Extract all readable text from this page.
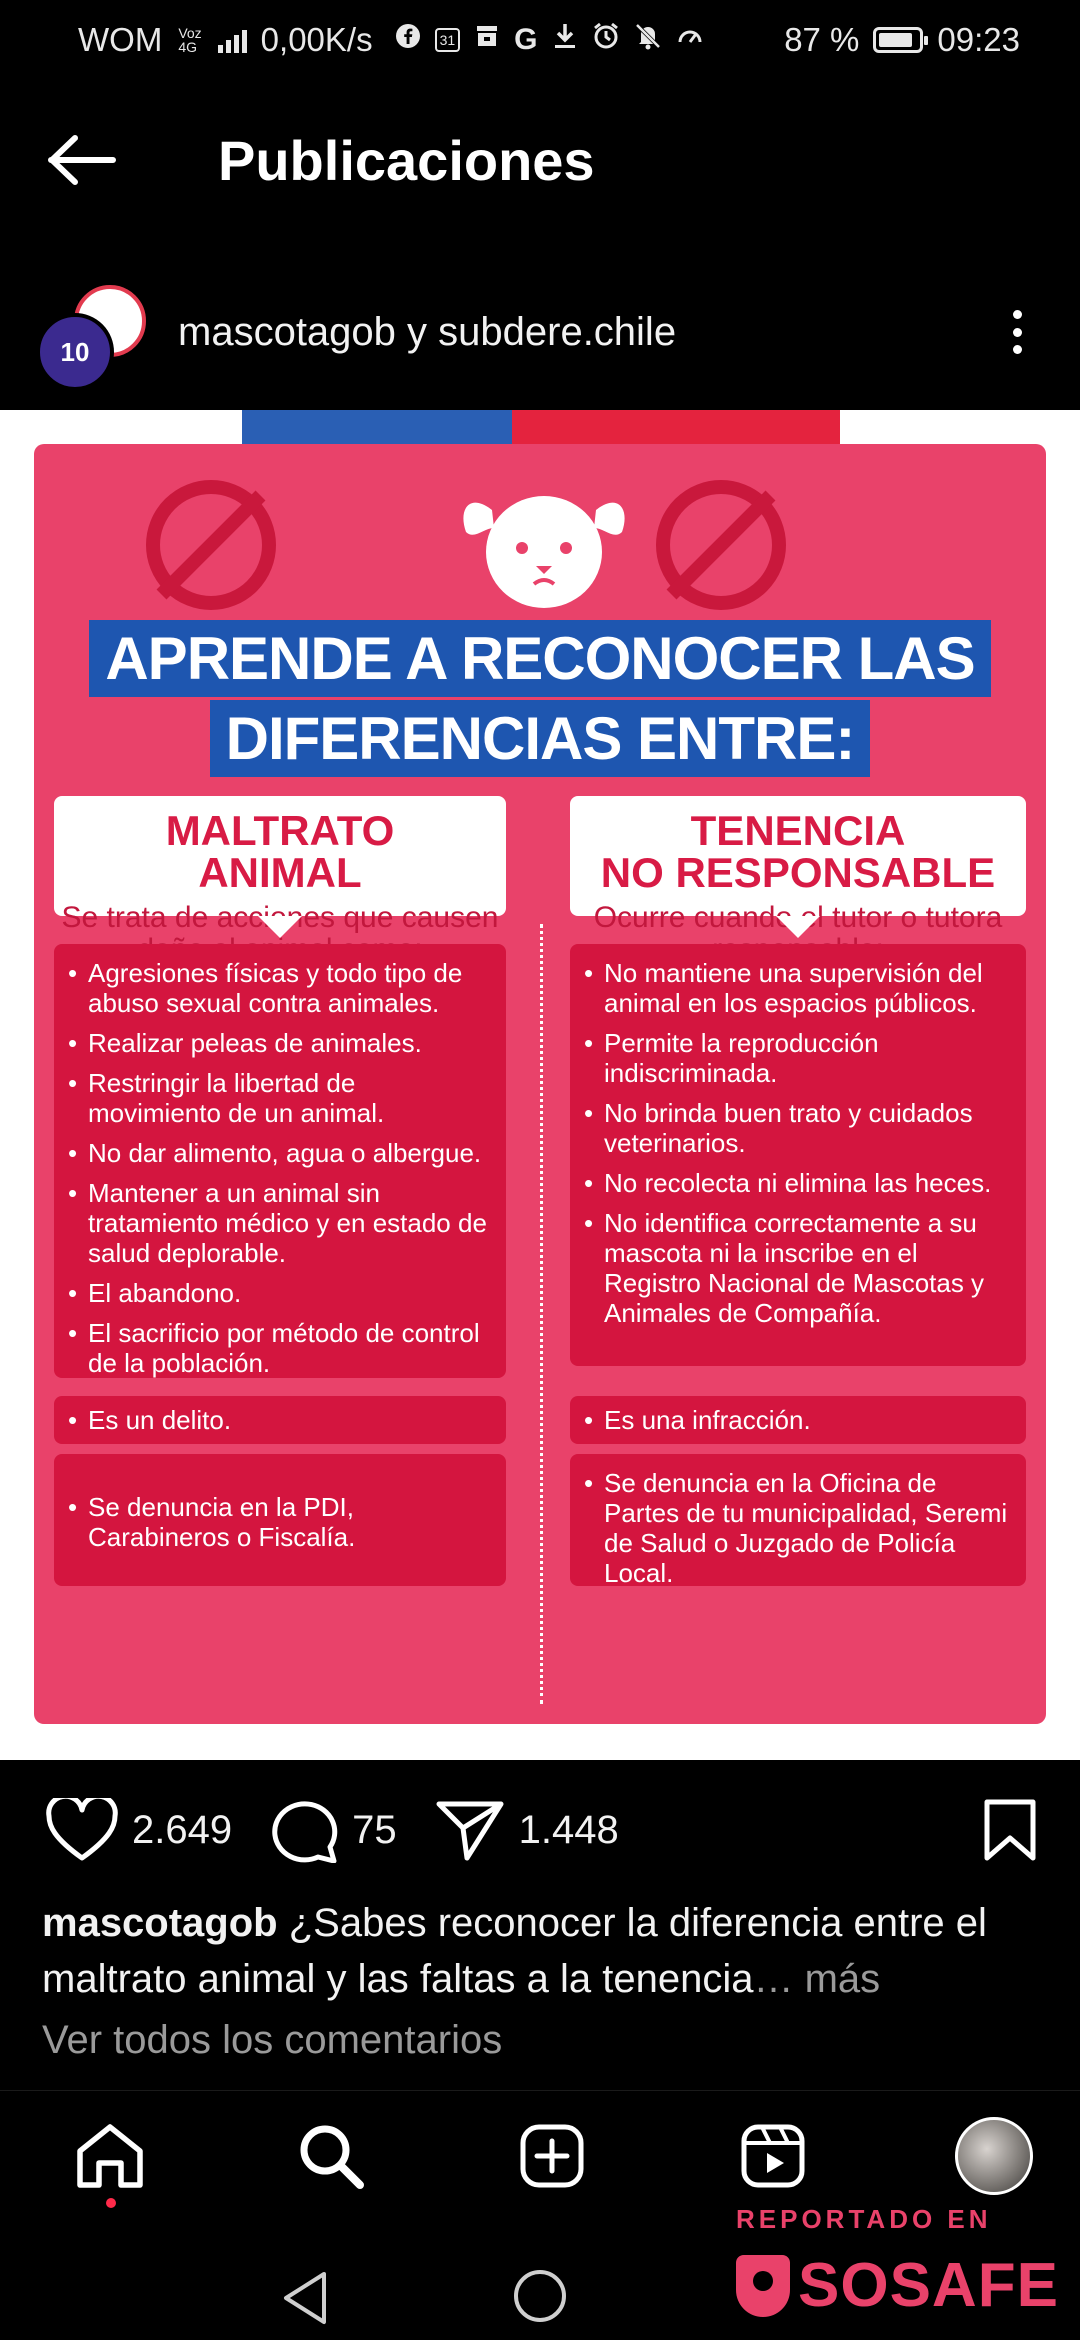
WOM Voz
4G 0,00K/s	31 G	87 % 09:23
Publicaciones
10	mascotagob y subdere.chile
APRENDE A RECONOCER LAS
DIFERENCIAS ENTRE:
MALTRATO
ANIMAL
Se trata de acciones que causen
• Agresiones físicas y todo tipo de abuso sexual contra animales.
• Realizar peleas de animales.
• Restringir la libertad de movimiento de un animal.
• No dar alimento, agua o albergue.
• Mantener a un animal sin tratamiento médico y en estado de salud deplorable.
• El abandono.
• El sacrificio por método de control de la población.
• Es un delito.
• Se denuncia en la PDI, Carabineros o Fiscalía.
TENENCIA
NO RESPONSABLE
Ocurre cuando el tutor o tutora
• No mantiene una supervisión del animal en los espacios públicos.
• Permite la reproducción indiscriminada.
• No brinda buen trato y cuidados veterinarios.
• No recolecta ni elimina las heces.
• No identifica correctamente a su mascota ni la inscribe en el Registro Nacional de Mascotas y Animales de Compañía.
• Es una infracción.
• Se denuncia en la Oficina de Partes de tu municipalidad, Seremi de Salud o Juzgado de Policía Local.
2.649	75	1.448
mascotagob ¿Sabes reconocer la diferencia entre el maltrato animal y las faltas a la tenencia… más
Ver todos los comentarios
REPORTADO EN
SOSAFE
